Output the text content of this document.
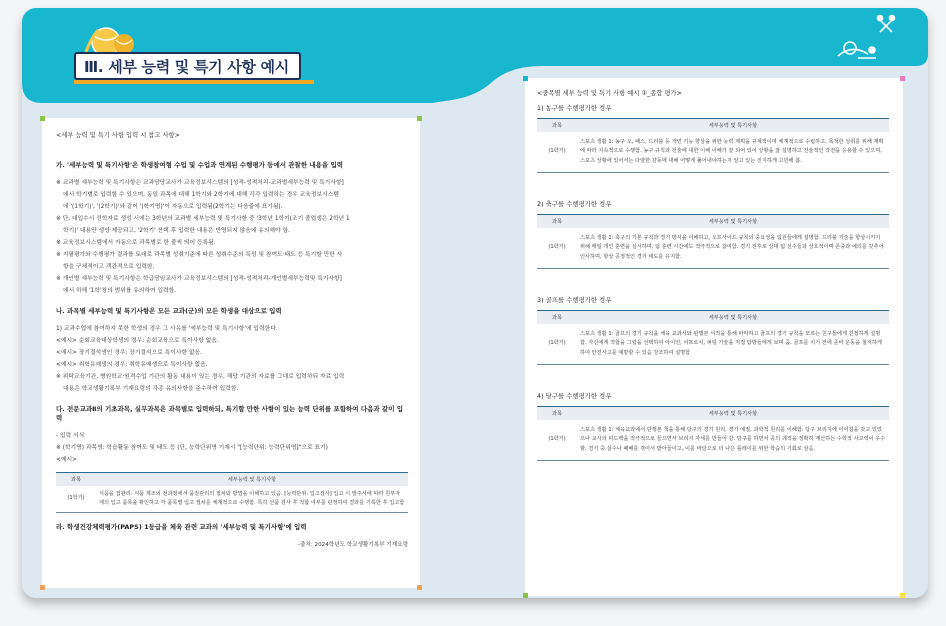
Ⅲ. 세부 능력 및 특기 사항 예시
<세부 능력 및 특기 사항 입력 시 참고 사항>
가. '세부능력 및 특기사항'은 학생참여형 수업 및 수업과 연계된 수행평가 등에서 관찰한 내용을 입력
※ 교과별 세부능력 및 특기사항은 교과담당교사가 교육정보시스템의 [성적-성적처리-교과별세부능력 및 특기사항]
에서 학기별로 입력할 수 있으며, 동일 과목에 대해 1학기와 2학기에 대해 각각 입력하는 경우 교육정보시스템
에 '(1학기)', '(2학기)'와 같이 '(학기명)'이 자동으로 입력됨(2학기는 다음줄에 표기됨).
※ 단, 대입수시 진학자료 생성 시에는 3학년의 교과별 세부능력 및 특기사항 중 '3학년 1학기(조기 졸업생은 2학년 1
학기)' 내용만 생성·제공되고, '2학기' 산택 후 입력한 내용은 반영되지 않음에 유의해야 함.
※ 교육정보시스템에서 자동으로 과목별로 한 줄씩 띄어 등록됨.
※ 지필평가와 수행평가 결과를 토대로 과목별 성취기준에 따른 성취수준의 특성 및 참여도·태도 등 특기할 만한 사
항을 구체적이고 객관적으로 입력함.
※ 개인별 세부능력 및 특기사항은 학급담임교사가 교육정보시스템의 [성적-성적처리-개인별세부능력및 특기사항]
에서 하해 '1학'창의 범위를 유의하여 입력함.
나. 과목별 세부능력 및 특기사항은 모든 교과(군)의 모든 학생을 대상으로 입력
1) 교과수업에 참여하지 못한 학생의 경우 그 사유를 '세부능력 및 특기사항'에 입력한다.
<예시> 순회교육대상학생의 경우: 순회교육으로 특이사항 없음.
<예시> 장기결석생인 경우: 장기결석으로 특이사항 없음.
<예시> 취학유예생의 경우: 취학유예생으로 특이사항 없음.
※ 위탁교육기관, 병원학교·원격수업 기관의 활동 내용이 있는 경우, 해당 기관의 자료를 그대로 입력하되 자료 입력
내용은 학교생활기록부 기재요령의 각종 유의사항을 준수하여 입력함.
다. 전문교과Ⅱ의 기초과목, 실무과목은 과목별로 입력하되, 특기할 만한 사항이 있는 능력 단위를 포함하여 다음과 같이 입력
- 입력 서식
※ (학기명) 과목명: 학습활동 참여도 및 태도 등 (단, 능력단위명 기재시 "[능력단위: 능력단위명]"으로 표기)
<예시>
과목	세부능력 및 특기사항
(1학기)	식품을 접관리: 식품 제조의 전과정에서 품질관리의 절차와 방법을 이해하고 있음. [능력단위: 입고검사] 입고 시 발주서에 따라 원부자재의 입고 품목을 확인하고 각 품목별 입고 절차를 체계적으로 수행함. 특히 선품 검사 후 적합 여부를 판정하여 결과를 기록한 후 입고함
라. 학생건강체력평가(PAPS) 1등급을 체육 관련 교과의 '세부능력 및 특기사항'에 입력
-출처: 2024학년도 학교생활기록부 기재요령
<중목별 세부 능력 및 특기 사항 예시 ①_종합 평가>
1) 농구를 수행평가한 경우
과목	세부능력 및 특기사항
(1학기)	스포츠 생활 1: 농구 오, 패스, 드리블 등 개인 기능 향상을 위한 능력 계획을 규제적이며 체계적으로 수립하고, 목적한 성취를 위해 계획에 따라 지속적으로 수행함. 농구 규칙과 전술에 대한 이해 이해가 잘 되어 있어 상황을 잘 설명하고 전술적인 작전을 응용할 수 있으며, 스포츠 상황에 있어서는 다양한 감동에 대해 어떻게 풀어내야하는지 알고 있는 진지하게 고민해 봄.
2) 축구를 수행평가한 경우
과목	세부능력 및 특기사항
(1학기)	스포츠 생활 1: 축구의 기본 규칙과 경기 방식을 이해하고, 오프사이드 규칙의 중요성을 팀원들에게 설명함. 드리블 기술을 향상시키기 위해 매일 개인 훈련을 실시하며, 팀 훈련 시간에도 적극적으로 참여함. 경기 전후로 상대 팀 선수들과 상호적이며 존중과 예의를 갖추어 인사하며, 항상 공정적인 경기 태도를 유지함.
3) 골프를 수행평가한 경우
과목	세부능력 및 특기사항
(1학기)	스포츠 생활 1: 골프의 경기 규칙을 체육 교과서와 판별본 서적을 통해 파악하고 골프의 경기 규칙을 모르는 친구들에게 친절하게 설명함. 자신에게 적합을 그립을 선택하여 아이언, 어프로치, 퍼팅 기술을 직접 탐방들에게 보며 줌. 골프를 치기 전에 준비 운동을 철저하게 하여 안전사고를 예방할 수 있음 강조하여 설명함
4) 당구를 수행평가한 경우
과목	세부능력 및 특기사항
(1학기)	스포츠 생활 1: 체육교과에서 단행본 책을 통해 당구의 경기 원리, 경기 예절, 과학적 원리를 이해함. 당구 브리지에 이어짐을 갖고 있었으나 교사의 피드백을 적극적으로 들으면서 브리지 자세를 만들어 감. 당구를 하면서 공의 궤적을 정확히 계산하는 수학적 사고력이 우수할. 경기 중 실수나 패배를 겪어서 받아들이고, 이를 바탕으로 더 나은 플레이를 위한 학습의 기회로 삼음.
